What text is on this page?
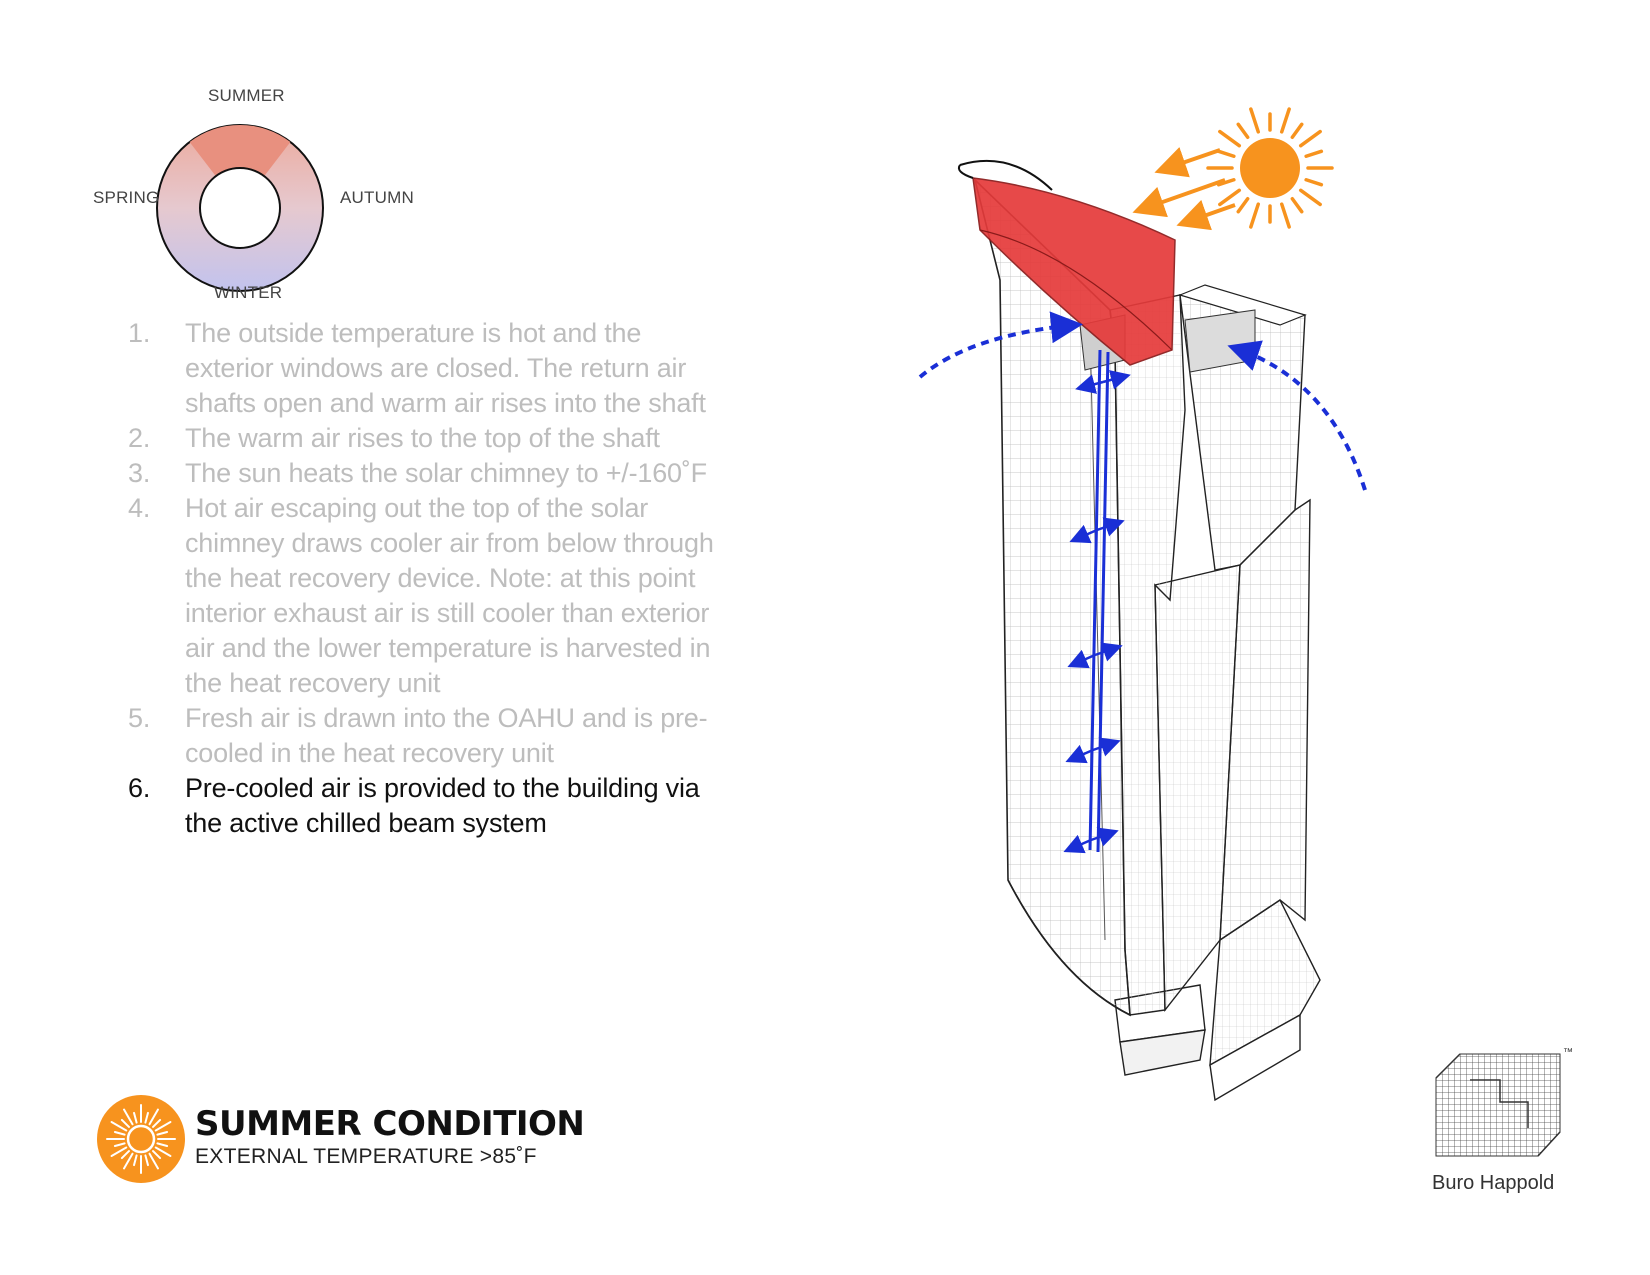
SUMMER
SPRING	AUTUMN
WINTER
1.	The outside temperature is hot and the exterior windows are closed. The return air shafts open and warm air rises into the shaft
2.	The warm air rises to the top of the shaft
3.	The sun heats the solar chimney to +/-160˚F
4.	Hot air escaping out the top of the solar chimney draws cooler air from below through the heat recovery device. Note: at this point interior exhaust air is still cooler than exterior air and the lower temperature is harvested in the heat recovery unit
5.	Fresh air is drawn into the OAHU and is pre-cooled in the heat recovery unit
6.	Pre-cooled air is provided to the building via the active chilled beam system
SUMMER CONDITION
EXTERNAL TEMPERATURE >85˚F
™
Buro Happold
